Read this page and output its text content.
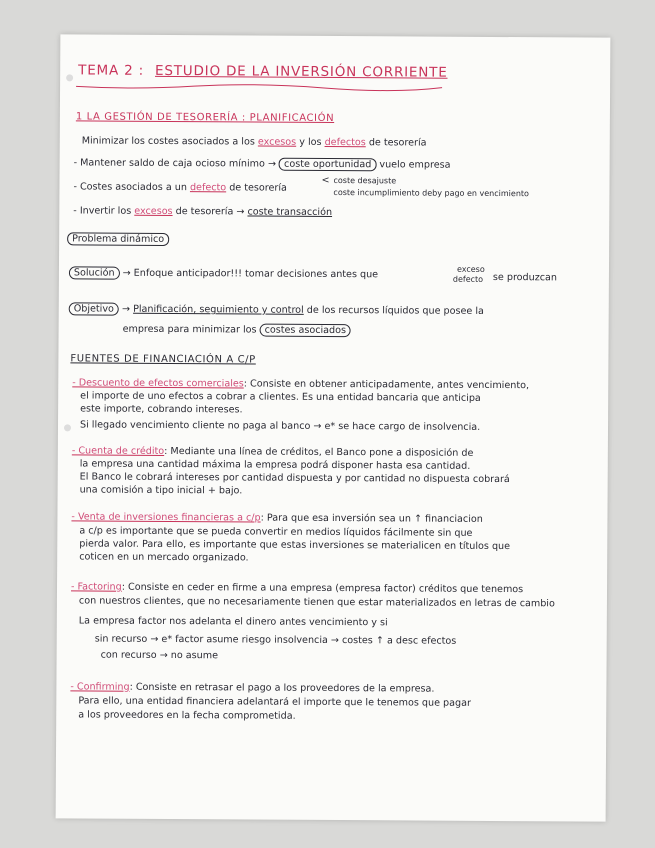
TEMA 2 : ESTUDIO DE LA INVERSIÓN CORRIENTE
1 LA GESTIÓN DE TESORERÍA : PLANIFICACIÓN
Minimizar los costes asociados a los excesos y los defectos de tesorería
- Mantener saldo de caja ocioso mínimo → coste oportunidad vuelo empresa
- Costes asociados a un defecto de tesorería
< coste desajuste
coste incumplimiento deby pago en vencimiento
- Invertir los excesos de tesorería → coste transacción
Problema dinámico
Solución → Enfoque anticipador!!! tomar decisiones antes que	exceso
defecto se produzcan
Objetivo → Planificación, seguimiento y control de los recursos líquidos que posee la
empresa para minimizar los costes asociados
FUENTES DE FINANCIACIÓN A C/P
- Descuento de efectos comerciales: Consiste en obtener anticipadamente, antes vencimiento,
el importe de uno efectos a cobrar a clientes. Es una entidad bancaria que anticipa
este importe, cobrando intereses.
Si llegado vencimiento cliente no paga al banco → e* se hace cargo de insolvencia.
- Cuenta de crédito: Mediante una línea de créditos, el Banco pone a disposición de
la empresa una cantidad máxima la empresa podrá disponer hasta esa cantidad.
El Banco le cobrará intereses por cantidad dispuesta y por cantidad no dispuesta cobrará
una comisión a tipo inicial + bajo.
- Venta de inversiones financieras a c/p: Para que esa inversión sea un ↑ financiacion
a c/p es importante que se pueda convertir en medios líquidos fácilmente sin que
pierda valor. Para ello, es importante que estas inversiones se materialicen en títulos que
coticen en un mercado organizado.
- Factoring: Consiste en ceder en firme a una empresa (empresa factor) créditos que tenemos
con nuestros clientes, que no necesariamente tienen que estar materializados en letras de cambio
La empresa factor nos adelanta el dinero antes vencimiento y si
sin recurso → e* factor asume riesgo insolvencia → costes ↑ a desc efectos
con recurso → no asume
- Confirming: Consiste en retrasar el pago a los proveedores de la empresa.
Para ello, una entidad financiera adelantará el importe que le tenemos que pagar
a los proveedores en la fecha comprometida.
